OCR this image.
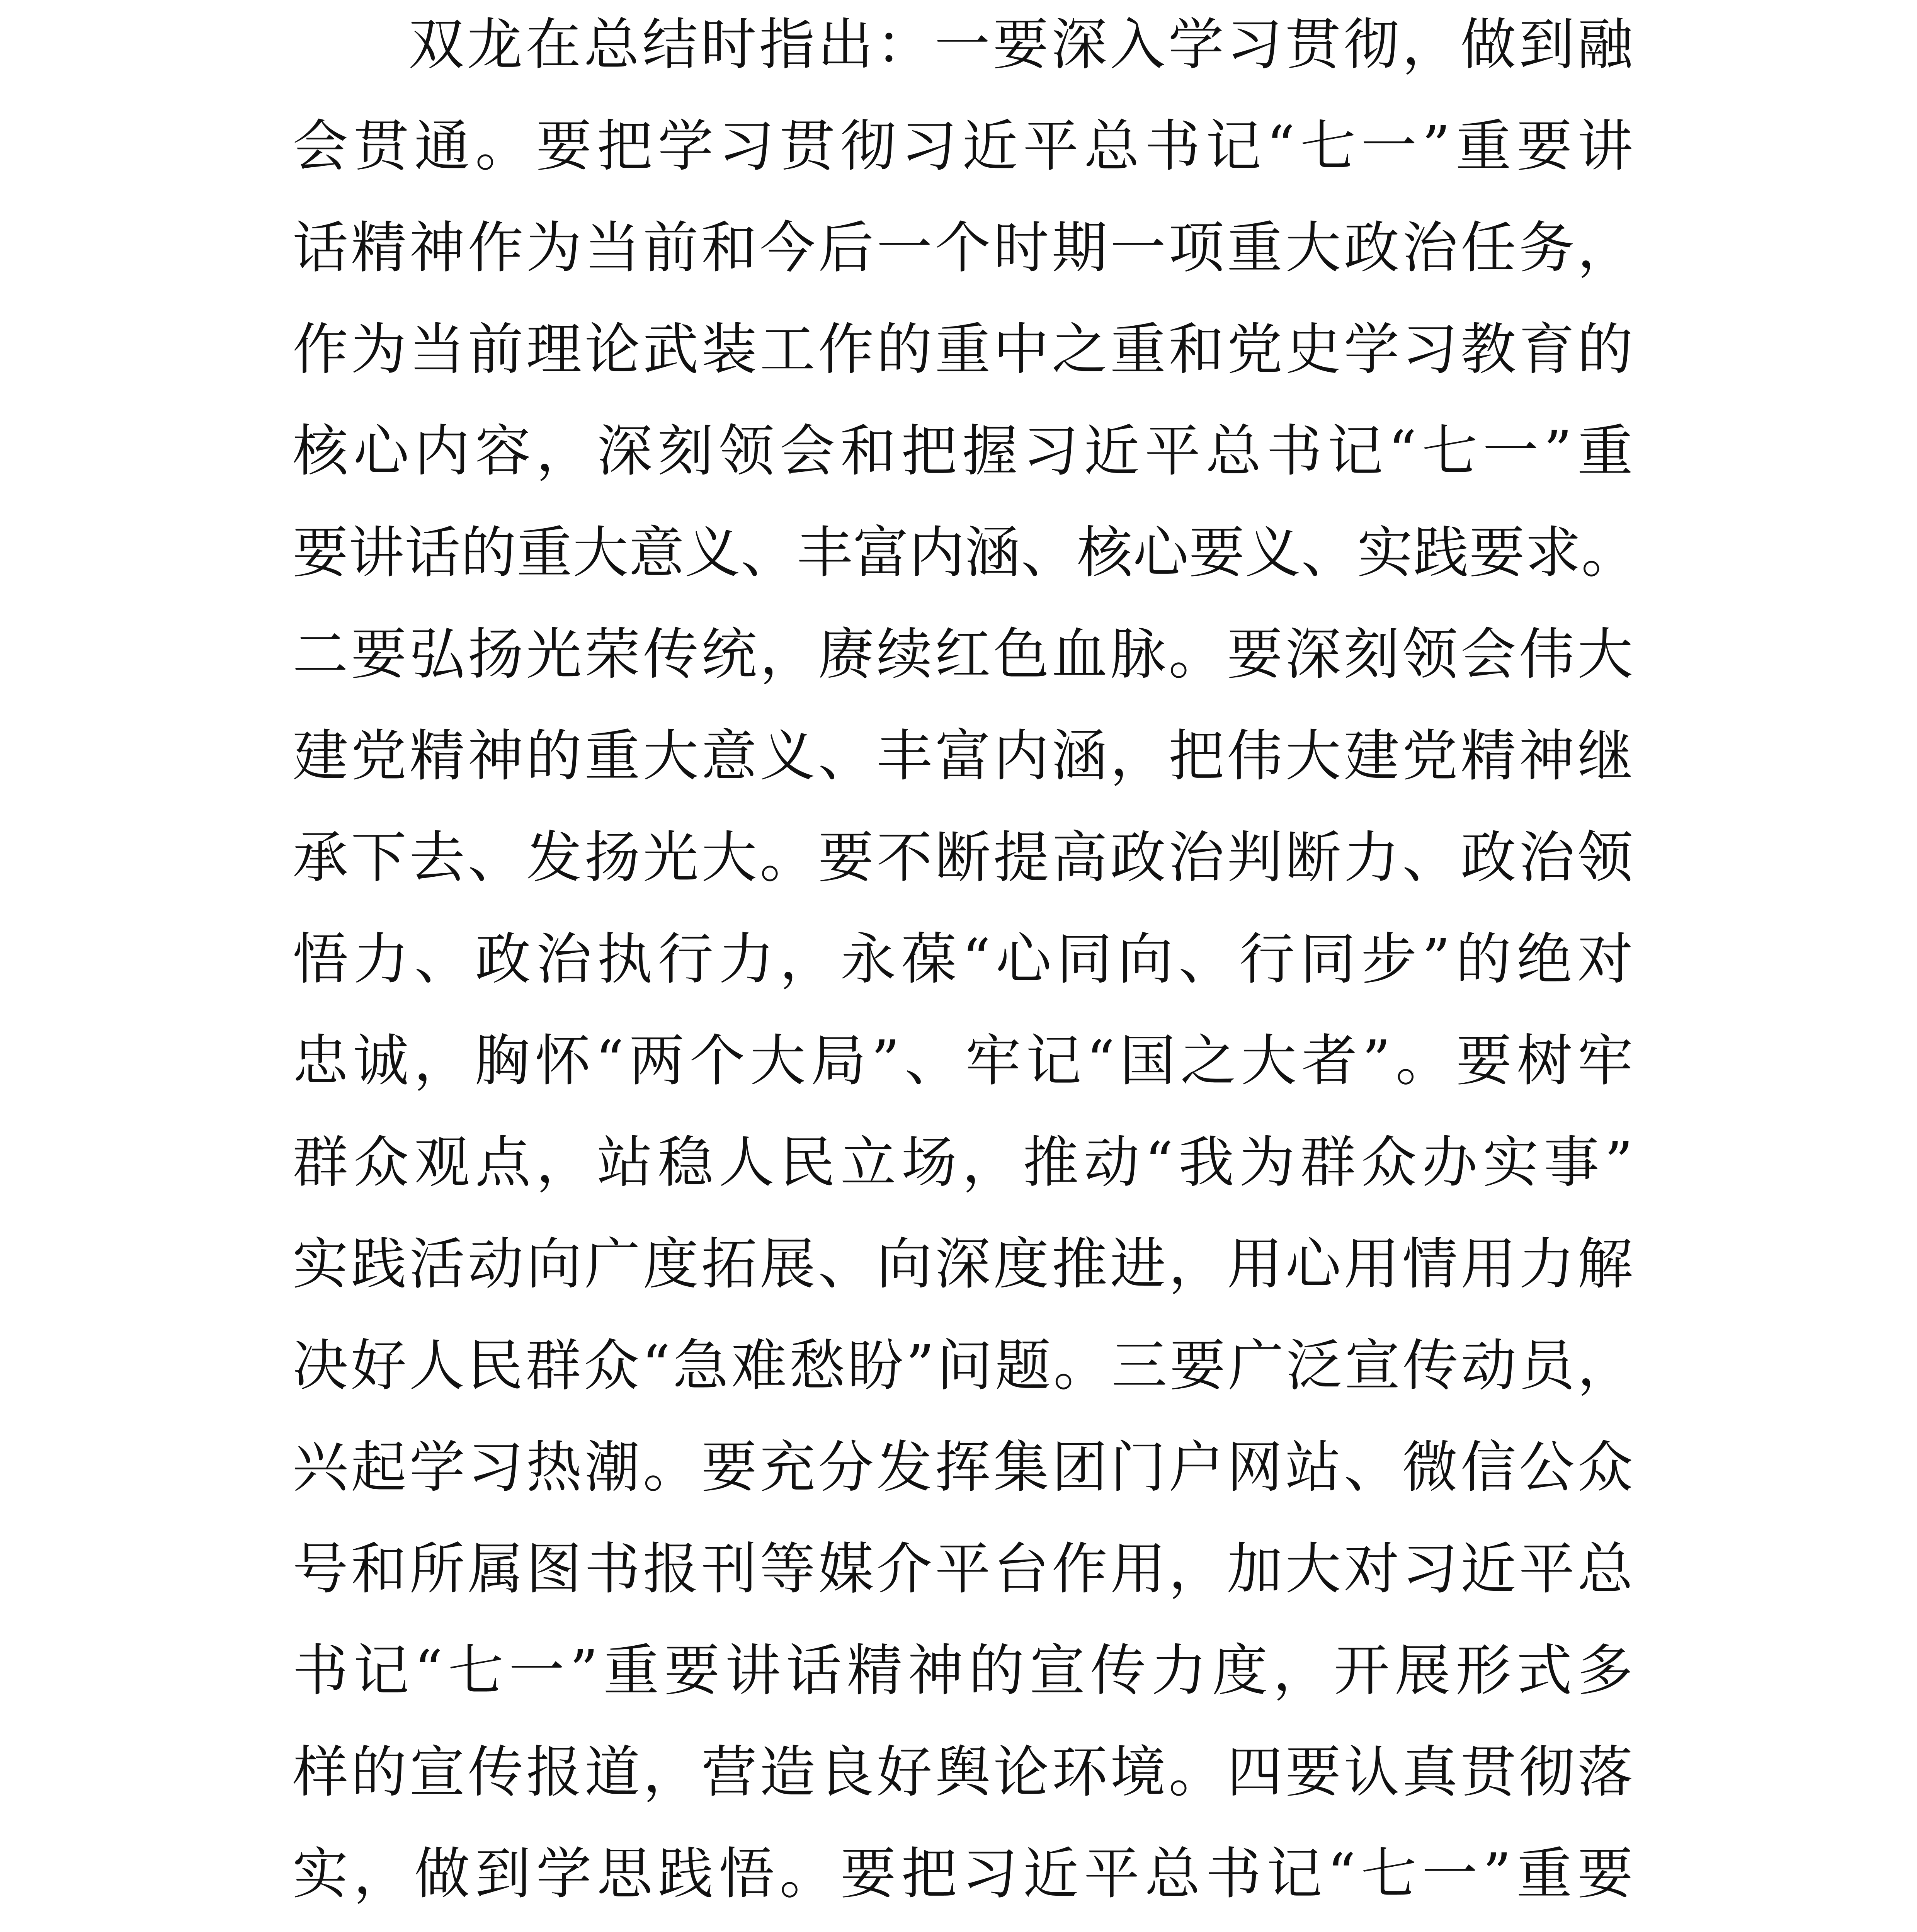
双龙在总结时指出：一要深入学习贯彻，做到融
会贯通。要把学习贯彻习近平总书记“七一”重要讲
话精神作为当前和今后一个时期一项重大政治任务，
作为当前理论武装工作的重中之重和党史学习教育的
核心内容，深刻领会和把握习近平总书记“七一”重
要讲话的重大意义、丰富内涵、核心要义、实践要求。
二要弘扬光荣传统，赓续红色血脉。要深刻领会伟大
建党精神的重大意义、丰富内涵，把伟大建党精神继
承下去、发扬光大。要不断提高政治判断力、政治领
悟力、政治执行力，永葆“心同向、行同步”的绝对
忠诚，胸怀“两个大局”、牢记“国之大者”。要树牢
群众观点，站稳人民立场，推动“我为群众办实事”
实践活动向广度拓展、向深度推进，用心用情用力解
决好人民群众“急难愁盼”问题。三要广泛宣传动员，
兴起学习热潮。要充分发挥集团门户网站、微信公众
号和所属图书报刊等媒介平台作用，加大对习近平总
书记“七一”重要讲话精神的宣传力度，开展形式多
样的宣传报道，营造良好舆论环境。四要认真贯彻落
实，做到学思践悟。要把习近平总书记“七一”重要
